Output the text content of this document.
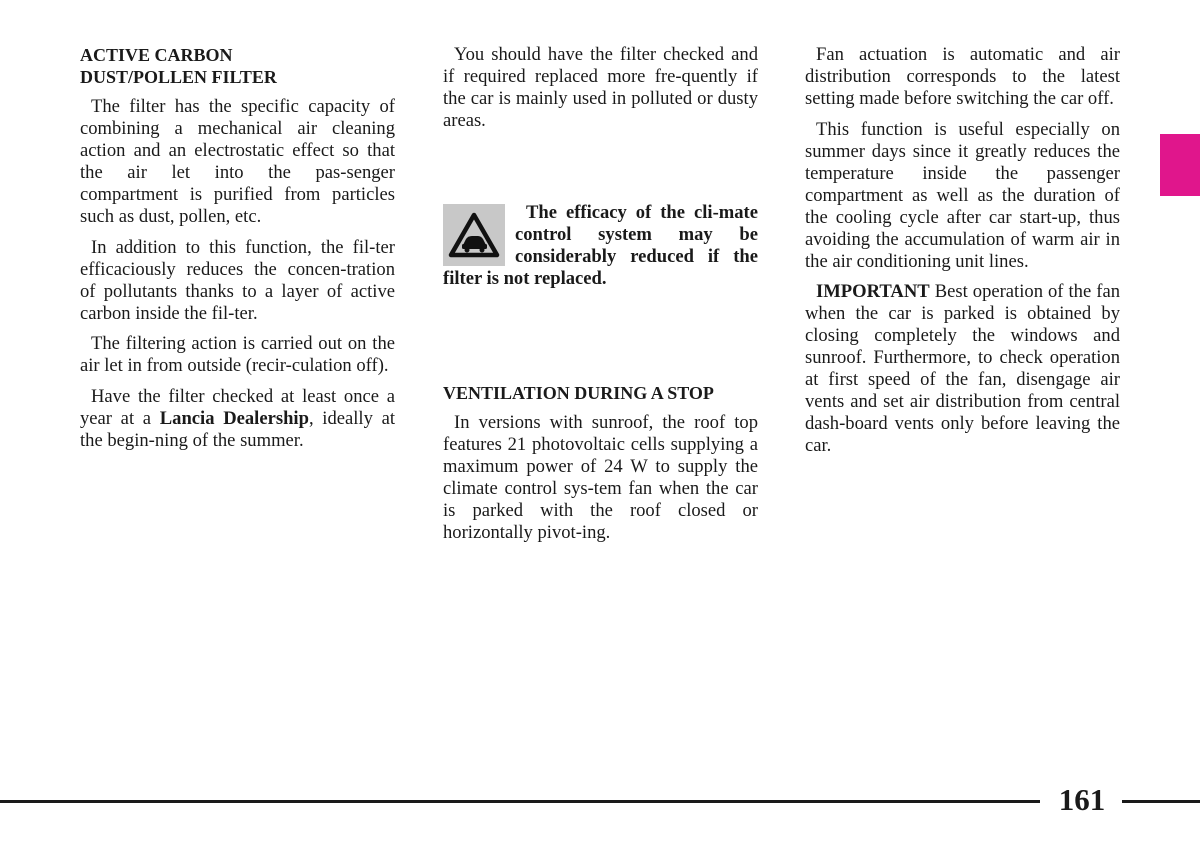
ACTIVE CARBON
DUST/POLLEN FILTER

The filter has the specific capacity of combining a mechanical air cleaning action and an electrostatic effect so that the air let into the pas-senger compartment is purified from particles such as dust, pollen, etc.

In addition to this function, the fil-ter efficaciously reduces the concen-tration of pollutants thanks to a layer of active carbon inside the fil-ter.

The filtering action is carried out on the air let in from outside (recir-culation off).

Have the filter checked at least once a year at a Lancia Dealership, ideally at the begin-ning of the summer.

You should have the filter checked and if required replaced more fre-quently if the car is mainly used in polluted or dusty areas.

The efficacy of the cli-mate control system may be considerably reduced if the filter is not replaced.
VENTILATION DURING A STOP

In versions with sunroof, the roof top features 21 photovoltaic cells supplying a maximum power of 24 W to supply the climate control sys-tem fan when the car is parked with the roof closed or horizontally pivot-ing.

Fan actuation is automatic and air distribution corresponds to the latest setting made before switching the car off.

This function is useful especially on summer days since it greatly reduces the temperature inside the passenger compartment as well as the duration of the cooling cycle after car start-up, thus avoiding the accumulation of warm air in the air conditioning unit lines.

IMPORTANT Best operation of the fan when the car is parked is obtained by closing completely the windows and sunroof. Furthermore, to check operation at first speed of the fan, disengage air vents and set air distribution from central dash-board vents only before leaving the car.

161
